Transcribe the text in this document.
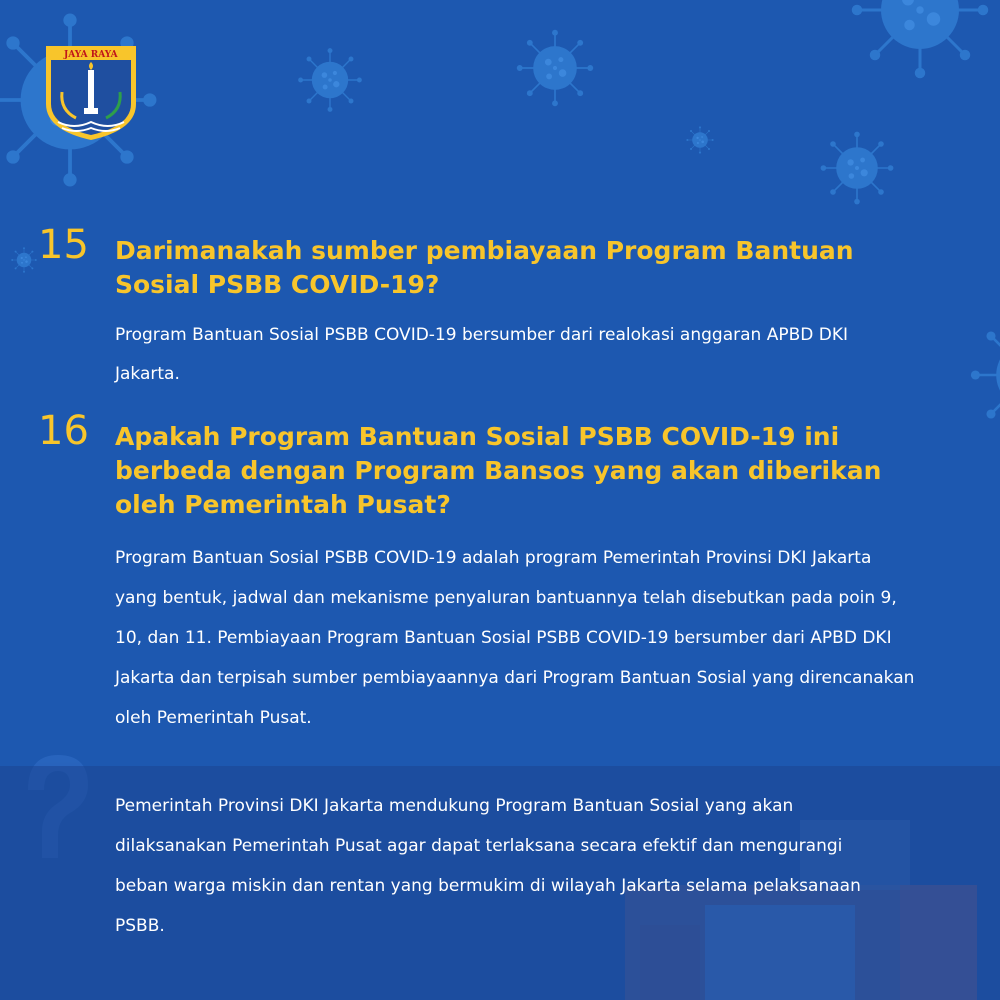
JAYA RAYA
15 Darimanakah sumber pembiayaan Program Bantuan Sosial PSBB COVID-19?
Program Bantuan Sosial PSBB COVID-19 bersumber dari realokasi anggaran APBD DKI Jakarta.
16 Apakah Program Bantuan Sosial PSBB COVID-19 ini berbeda dengan Program Bansos yang akan diberikan oleh Pemerintah Pusat?
Program Bantuan Sosial PSBB COVID-19 adalah program Pemerintah Provinsi DKI Jakarta yang bentuk, jadwal dan mekanisme penyaluran bantuannya telah disebutkan pada poin 9, 10, dan 11. Pembiayaan Program Bantuan Sosial PSBB COVID-19 bersumber dari APBD DKI Jakarta dan terpisah sumber pembiayaannya dari Program Bantuan Sosial yang direncanakan oleh Pemerintah Pusat.
Pemerintah Provinsi DKI Jakarta mendukung Program Bantuan Sosial yang akan dilaksanakan Pemerintah Pusat agar dapat terlaksana secara efektif dan mengurangi beban warga miskin dan rentan yang bermukim di wilayah Jakarta selama pelaksanaan PSBB.
